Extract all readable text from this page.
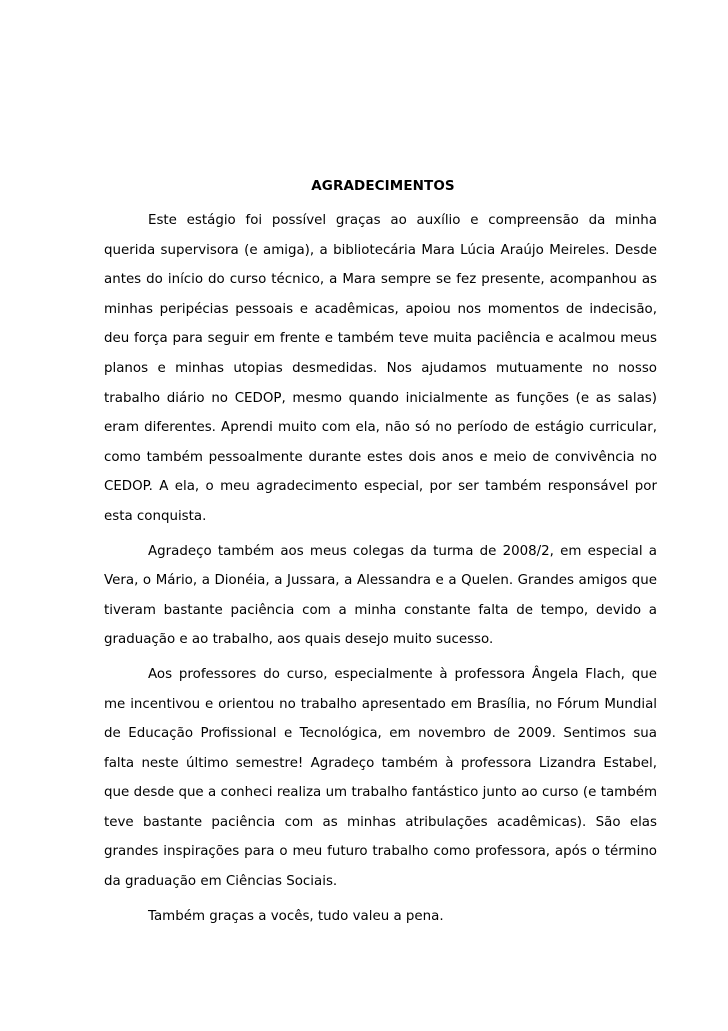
AGRADECIMENTOS

Este estágio foi possível graças ao auxílio e compreensão da minha querida supervisora (e amiga), a bibliotecária Mara Lúcia Araújo Meireles. Desde antes do início do curso técnico, a Mara sempre se fez presente, acompanhou as minhas peripécias pessoais e acadêmicas, apoiou nos momentos de indecisão, deu força para seguir em frente e também teve muita paciência e acalmou meus planos e minhas utopias desmedidas. Nos ajudamos mutuamente no nosso trabalho diário no CEDOP, mesmo quando inicialmente as funções (e as salas) eram diferentes. Aprendi muito com ela, não só no período de estágio curricular, como também pessoalmente durante estes dois anos e meio de convivência no CEDOP. A ela, o meu agradecimento especial, por ser também responsável por esta conquista.

Agradeço também aos meus colegas da turma de 2008/2, em especial a Vera, o Mário, a Dionéia, a Jussara, a Alessandra e a Quelen. Grandes amigos que tiveram bastante paciência com a minha constante falta de tempo, devido a graduação e ao trabalho, aos quais desejo muito sucesso.

Aos professores do curso, especialmente à professora Ângela Flach, que me incentivou e orientou no trabalho apresentado em Brasília, no Fórum Mundial de Educação Profissional e Tecnológica, em novembro de 2009. Sentimos sua falta neste último semestre! Agradeço também à professora Lizandra Estabel, que desde que a conheci realiza um trabalho fantástico junto ao curso (e também teve bastante paciência com as minhas atribulações acadêmicas). São elas grandes inspirações para o meu futuro trabalho como professora, após o término da graduação em Ciências Sociais.

Também graças a vocês, tudo valeu a pena.
